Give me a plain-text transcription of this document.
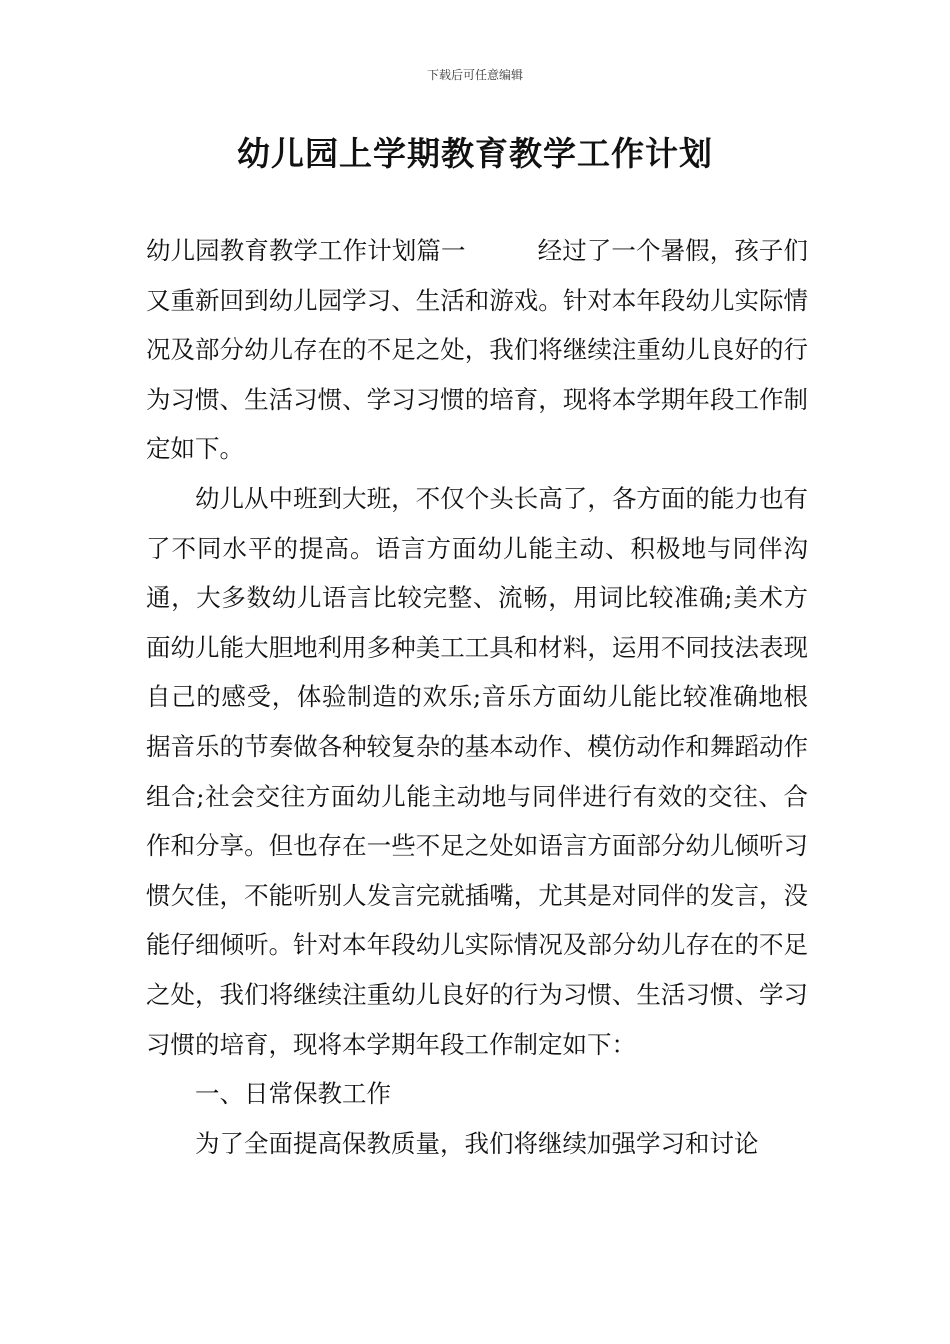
下载后可任意编辑
幼儿园上学期教育教学工作计划

幼儿园教育教学工作计划篇一	经过了一个暑假，孩子们又重新回到幼儿园学习、生活和游戏。针对本年段幼儿实际情况及部分幼儿存在的不足之处，我们将继续注重幼儿良好的行为习惯、生活习惯、学习习惯的培育，现将本学期年段工作制定如下。

幼儿从中班到大班，不仅个头长高了，各方面的能力也有了不同水平的提高。语言方面幼儿能主动、积极地与同伴沟通，大多数幼儿语言比较完整、流畅，用词比较准确;美术方面幼儿能大胆地利用多种美工工具和材料，运用不同技法表现自己的感受，体验制造的欢乐;音乐方面幼儿能比较准确地根据音乐的节奏做各种较复杂的基本动作、模仿动作和舞蹈动作组合;社会交往方面幼儿能主动地与同伴进行有效的交往、合作和分享。但也存在一些不足之处如语言方面部分幼儿倾听习惯欠佳，不能听别人发言完就插嘴，尤其是对同伴的发言，没能仔细倾听。针对本年段幼儿实际情况及部分幼儿存在的不足之处，我们将继续注重幼儿良好的行为习惯、生活习惯、学习习惯的培育，现将本学期年段工作制定如下：

一、日常保教工作

为了全面提高保教质量，我们将继续加强学习和讨论
